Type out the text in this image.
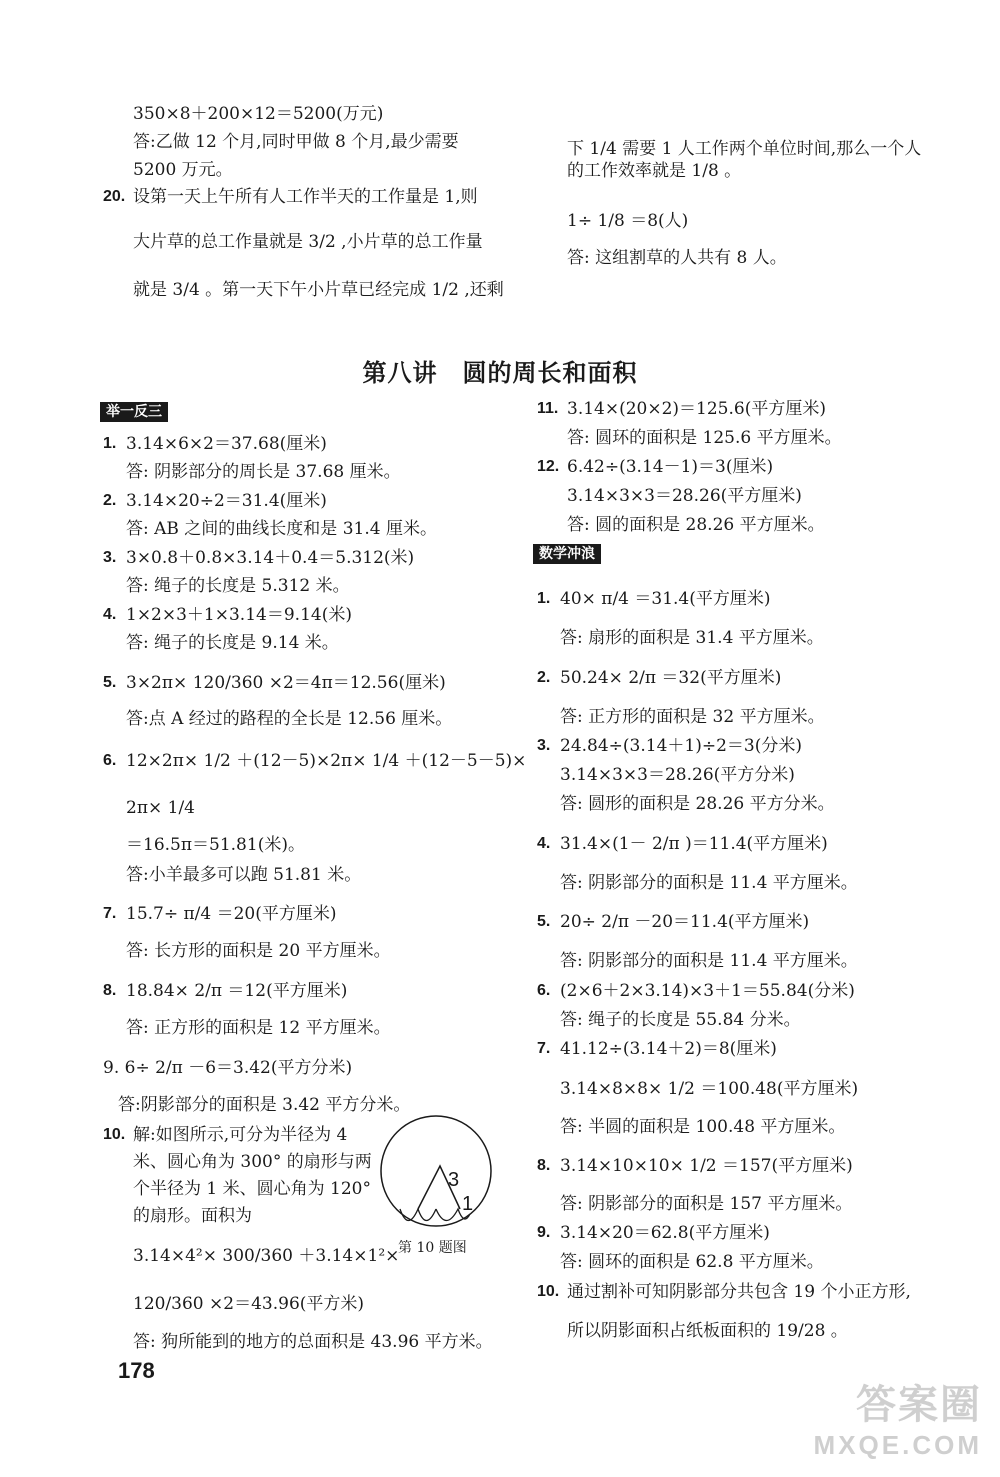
350×8＋200×12＝5200(万元)
答:乙做 12 个月,同时甲做 8 个月,最少需要
5200 万元。
20. 设第一天上午所有人工作半天的工作量是 1,则
大片草的总工作量就是 3/2 ,小片草的总工作量
就是 3/4 。第一天下午小片草已经完成 1/2 ,还剩
下 1/4 需要 1 人工作两个单位时间,那么一个人
的工作效率就是 1/8 。
1÷ 1/8 ＝8(人)
答: 这组割草的人共有 8 人。
第八讲　圆的周长和面积
举一反三
数学冲浪
1. 3.14×6×2＝37.68(厘米)
答: 阴影部分的周长是 37.68 厘米。
2. 3.14×20÷2＝31.4(厘米)
答: AB 之间的曲线长度和是 31.4 厘米。
3. 3×0.8＋0.8×3.14＋0.4＝5.312(米)
答: 绳子的长度是 5.312 米。
4. 1×2×3＋1×3.14＝9.14(米)
答: 绳子的长度是 9.14 米。
5. 3×2π× 120/360 ×2＝4π＝12.56(厘米)
答:点 A 经过的路程的全长是 12.56 厘米。
6. 12×2π× 1/2 ＋(12－5)×2π× 1/4 ＋(12－5－5)×
2π× 1/4
＝16.5π＝51.81(米)。
答:小羊最多可以跑 51.81 米。
7. 15.7÷ π/4 ＝20(平方厘米)
答: 长方形的面积是 20 平方厘米。
8. 18.84× 2/π ＝12(平方厘米)
答: 正方形的面积是 12 平方厘米。
9. 6÷ 2/π －6＝3.42(平方分米)
答:阴影部分的面积是 3.42 平方分米。
10. 解:如图所示,可分为半径为 4
米、圆心角为 300° 的扇形与两
个半径为 1 米、圆心角为 120°
的扇形。面积为
3.14×4²× 300/360 ＋3.14×1²×
120/360 ×2＝43.96(平方米)
答: 狗所能到的地方的总面积是 43.96 平方米。
3
1
第 10 题图
11. 3.14×(20×2)＝125.6(平方厘米)
答: 圆环的面积是 125.6 平方厘米。
12. 6.42÷(3.14－1)＝3(厘米)
3.14×3×3＝28.26(平方厘米)
答: 圆的面积是 28.26 平方厘米。
1. 40× π/4 ＝31.4(平方厘米)
答: 扇形的面积是 31.4 平方厘米。
2. 50.24× 2/π ＝32(平方厘米)
答: 正方形的面积是 32 平方厘米。
3. 24.84÷(3.14＋1)÷2＝3(分米)
3.14×3×3＝28.26(平方分米)
答: 圆形的面积是 28.26 平方分米。
4. 31.4×(1－ 2/π )＝11.4(平方厘米)
答: 阴影部分的面积是 11.4 平方厘米。
5. 20÷ 2/π －20＝11.4(平方厘米)
答: 阴影部分的面积是 11.4 平方厘米。
6. (2×6＋2×3.14)×3＋1＝55.84(分米)
答: 绳子的长度是 55.84 分米。
7. 41.12÷(3.14＋2)＝8(厘米)
3.14×8×8× 1/2 ＝100.48(平方厘米)
答: 半圆的面积是 100.48 平方厘米。
8. 3.14×10×10× 1/2 ＝157(平方厘米)
答: 阴影部分的面积是 157 平方厘米。
9. 3.14×20＝62.8(平方厘米)
答: 圆环的面积是 62.8 平方厘米。
10. 通过割补可知阴影部分共包含 19 个小正方形,
所以阴影面积占纸板面积的 19/28 。
178
答案圈
MXQE.COM
